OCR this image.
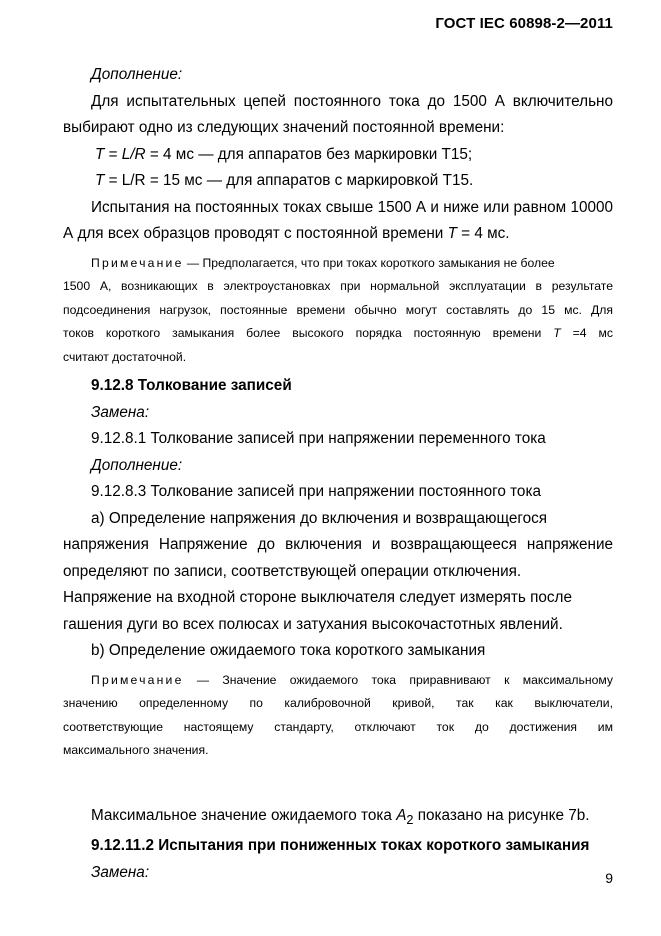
ГОСТ IEC 60898-2—2011

Дополнение:

Для испытательных цепей постоянного тока до 1500 А включительно

выбирают одно из следующих значений постоянной времени:

T = L/R = 4 мс — для аппаратов без маркировки Т15;

T = L/R = 15 мс — для аппаратов с маркировкой Т15.

Испытания на постоянных токах свыше 1500 А и ниже или равном 10000

А для всех образцов проводят с постоянной времени T = 4 мс.

Примечание — Предполагается, что при токах короткого замыкания не более

1500 А, возникающих в электроустановках при нормальной эксплуатации в результате

подсоединения нагрузок, постоянные времени обычно могут составлять до 15 мс. Для

токов короткого замыкания более высокого порядка постоянную времени T =4 мс

считают достаточной.

9.12.8 Толкование записей

Замена:

9.12.8.1 Толкование записей при напряжении переменного тока

Дополнение:

9.12.8.3 Толкование записей при напряжении постоянного тока

a) Определение напряжения до включения и возвращающегося

напряжения Напряжение до включения и возвращающееся напряжение

определяют по записи, соответствующей операции отключения.

Напряжение на входной стороне выключателя следует измерять после

гашения дуги во всех полюсах и затухания высокочастотных явлений.

b) Определение ожидаемого тока короткого замыкания

Примечание — Значение ожидаемого тока приравнивают к максимальному

значению определенному по калибровочной кривой, так как выключатели,

соответствующие настоящему стандарту, отключают ток до достижения им

максимального значения.

Максимальное значение ожидаемого тока $A_2$ показано на рисунке 7b.

9.12.11.2 Испытания при пониженных токах короткого замыкания

Замена:	9
